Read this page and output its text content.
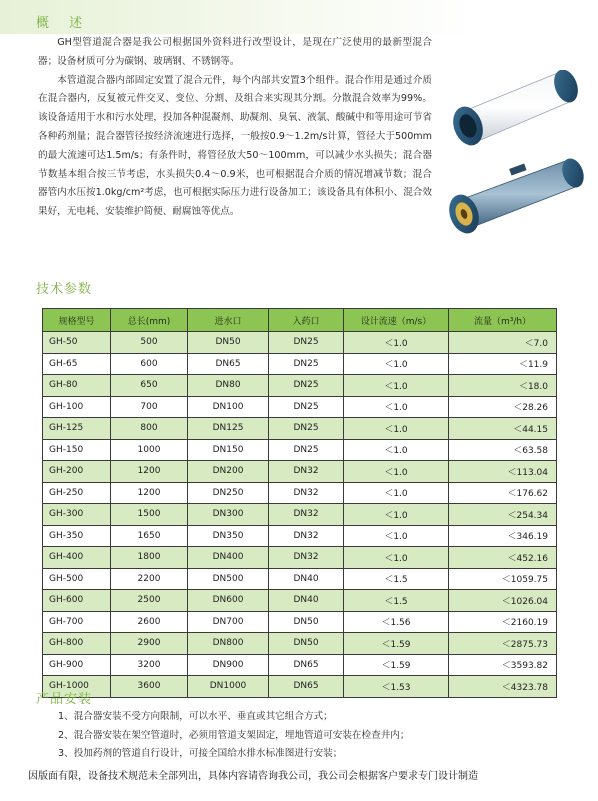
概 述

GH型管道混合器是我公司根据国外资料进行改型设计，是现在广泛使用的最新型混合器；设备材质可分为碳钢、玻璃钢、不锈钢等。

本管道混合器内部固定安置了混合元件，每个内部共安置3个组件。混合作用是通过介质在混合器内，反复被元件交叉、变位、分割、及组合来实现其分割。分散混合效率为99%。该设备适用于水和污水处理，投加各种混凝剂、助凝剂、臭氧、液氯、酸碱中和等用途可节省各种药剂量；混合器管径按经济流速进行选择，一般按0.9～1.2m/s计算，管径大于500mm的最大流速可达1.5m/s；有条件时，将管径放大50～100mm，可以减少水头损失；混合器节数基本组合按三节考虑，水头损失0.4～0.9米，也可根据混合介质的情况增减节数；混合器管内水压按1.0kg/cm²考虑，也可根据实际压力进行设备加工；该设备具有体积小、混合效果好，无电耗、安装维护简便、耐腐蚀等优点。

技术参数
规格型号	总长(mm)	进水口	入药口	设计流速（m/s）	流量（m³/h）
GH-50	500	DN50	DN25	＜1.0	＜7.0
GH-65	600	DN65	DN25	＜1.0	＜11.9
GH-80	650	DN80	DN25	＜1.0	＜18.0
GH-100	700	DN100	DN25	＜1.0	＜28.26
GH-125	800	DN125	DN25	＜1.0	＜44.15
GH-150	1000	DN150	DN25	＜1.0	＜63.58
GH-200	1200	DN200	DN32	＜1.0	＜113.04
GH-250	1200	DN250	DN32	＜1.0	＜176.62
GH-300	1500	DN300	DN32	＜1.0	＜254.34
GH-350	1650	DN350	DN32	＜1.0	＜346.19
GH-400	1800	DN400	DN32	＜1.0	＜452.16
GH-500	2200	DN500	DN40	＜1.5	＜1059.75
GH-600	2500	DN600	DN40	＜1.5	＜1026.04
GH-700	2600	DN700	DN50	＜1.56	＜2160.19
GH-800	2900	DN800	DN50	＜1.59	＜2875.73
GH-900	3200	DN900	DN65	＜1.59	＜3593.82
GH-1000	3600	DN1000	DN65	＜1.53	＜4323.78
产品安装
1、混合器安装不受方向限制，可以水平、垂直或其它组合方式；
2、混合器安装在架空管道时，必须用管道支架固定，埋地管道可安装在检查井内；
3、投加药剂的管道自行设计，可接全国给水排水标准图进行安装；
因版面有限，设备技术规范未全部列出，具体内容请咨询我公司，我公司会根据客户要求专门设计制造
